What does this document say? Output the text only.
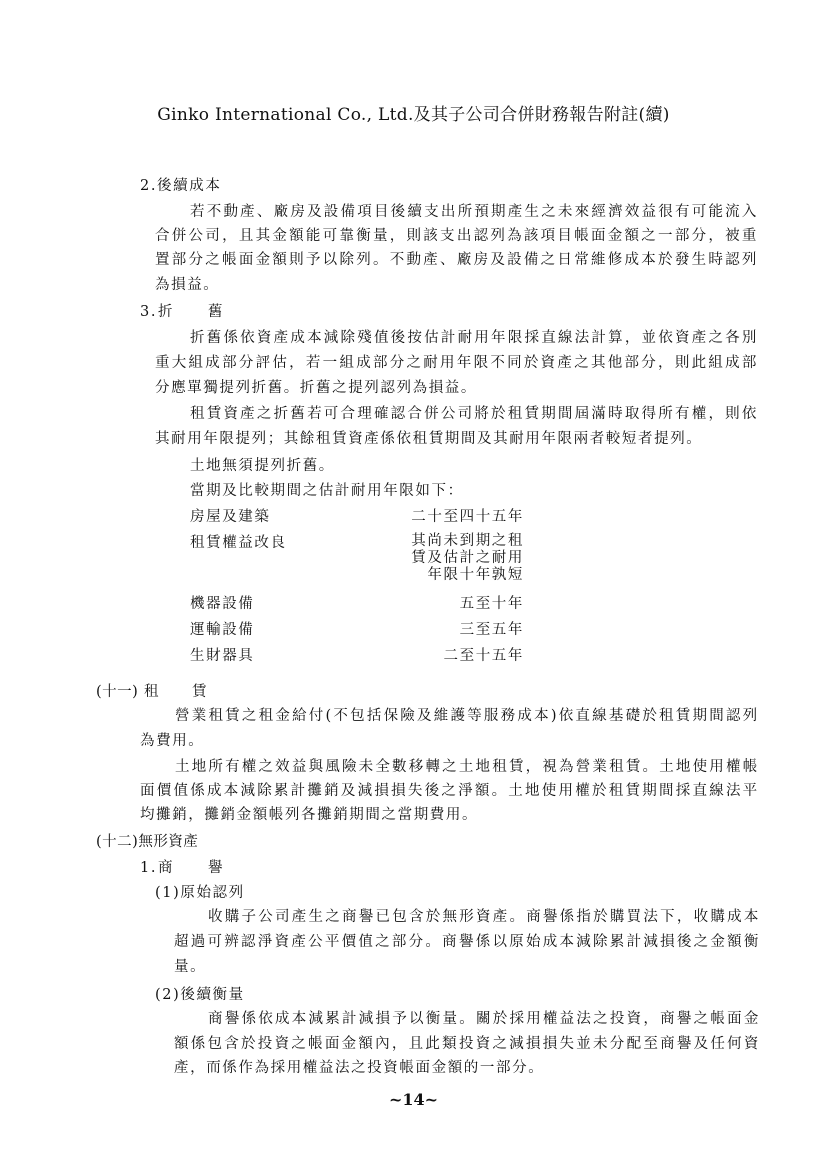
Ginko International Co., Ltd.及其子公司合併財務報告附註(續)
2.後續成本
若不動產、廠房及設備項目後續支出所預期產生之未來經濟效益很有可能流入
合併公司，且其金額能可靠衡量，則該支出認列為該項目帳面金額之一部分，被重
置部分之帳面金額則予以除列。不動產、廠房及設備之日常維修成本於發生時認列
為損益。
3. 折 舊
折舊係依資產成本減除殘值後按估計耐用年限採直線法計算，並依資產之各別
重大組成部分評估，若一組成部分之耐用年限不同於資產之其他部分，則此組成部
分應單獨提列折舊。折舊之提列認列為損益。
租賃資產之折舊若可合理確認合併公司將於租賃期間屆滿時取得所有權，則依
其耐用年限提列；其餘租賃資產係依租賃期間及其耐用年限兩者較短者提列。
土地無須提列折舊。
當期及比較期間之估計耐用年限如下：
房屋及建築	二十至四十五年
租賃權益改良	其尚未到期之租
賃及估計之耐用
年限十年孰短
機器設備	五至十年
運輸設備	三至五年
生財器具	二至十五年
(十一) 租 賃
營業租賃之租金給付(不包括保險及維護等服務成本)依直線基礎於租賃期間認列
為費用。
土地所有權之效益與風險未全數移轉之土地租賃，視為營業租賃。土地使用權帳
面價值係成本減除累計攤銷及減損損失後之淨額。土地使用權於租賃期間採直線法平
均攤銷，攤銷金額帳列各攤銷期間之當期費用。
(十二)無形資產
1. 商 譽
(1)原始認列
收購子公司產生之商譽已包含於無形資產。商譽係指於購買法下，收購成本
超過可辨認淨資產公平價值之部分。商譽係以原始成本減除累計減損後之金額衡
量。
(2)後續衡量
商譽係依成本減累計減損予以衡量。關於採用權益法之投資，商譽之帳面金
額係包含於投資之帳面金額內，且此類投資之減損損失並未分配至商譽及任何資
產，而係作為採用權益法之投資帳面金額的一部分。
~14~
